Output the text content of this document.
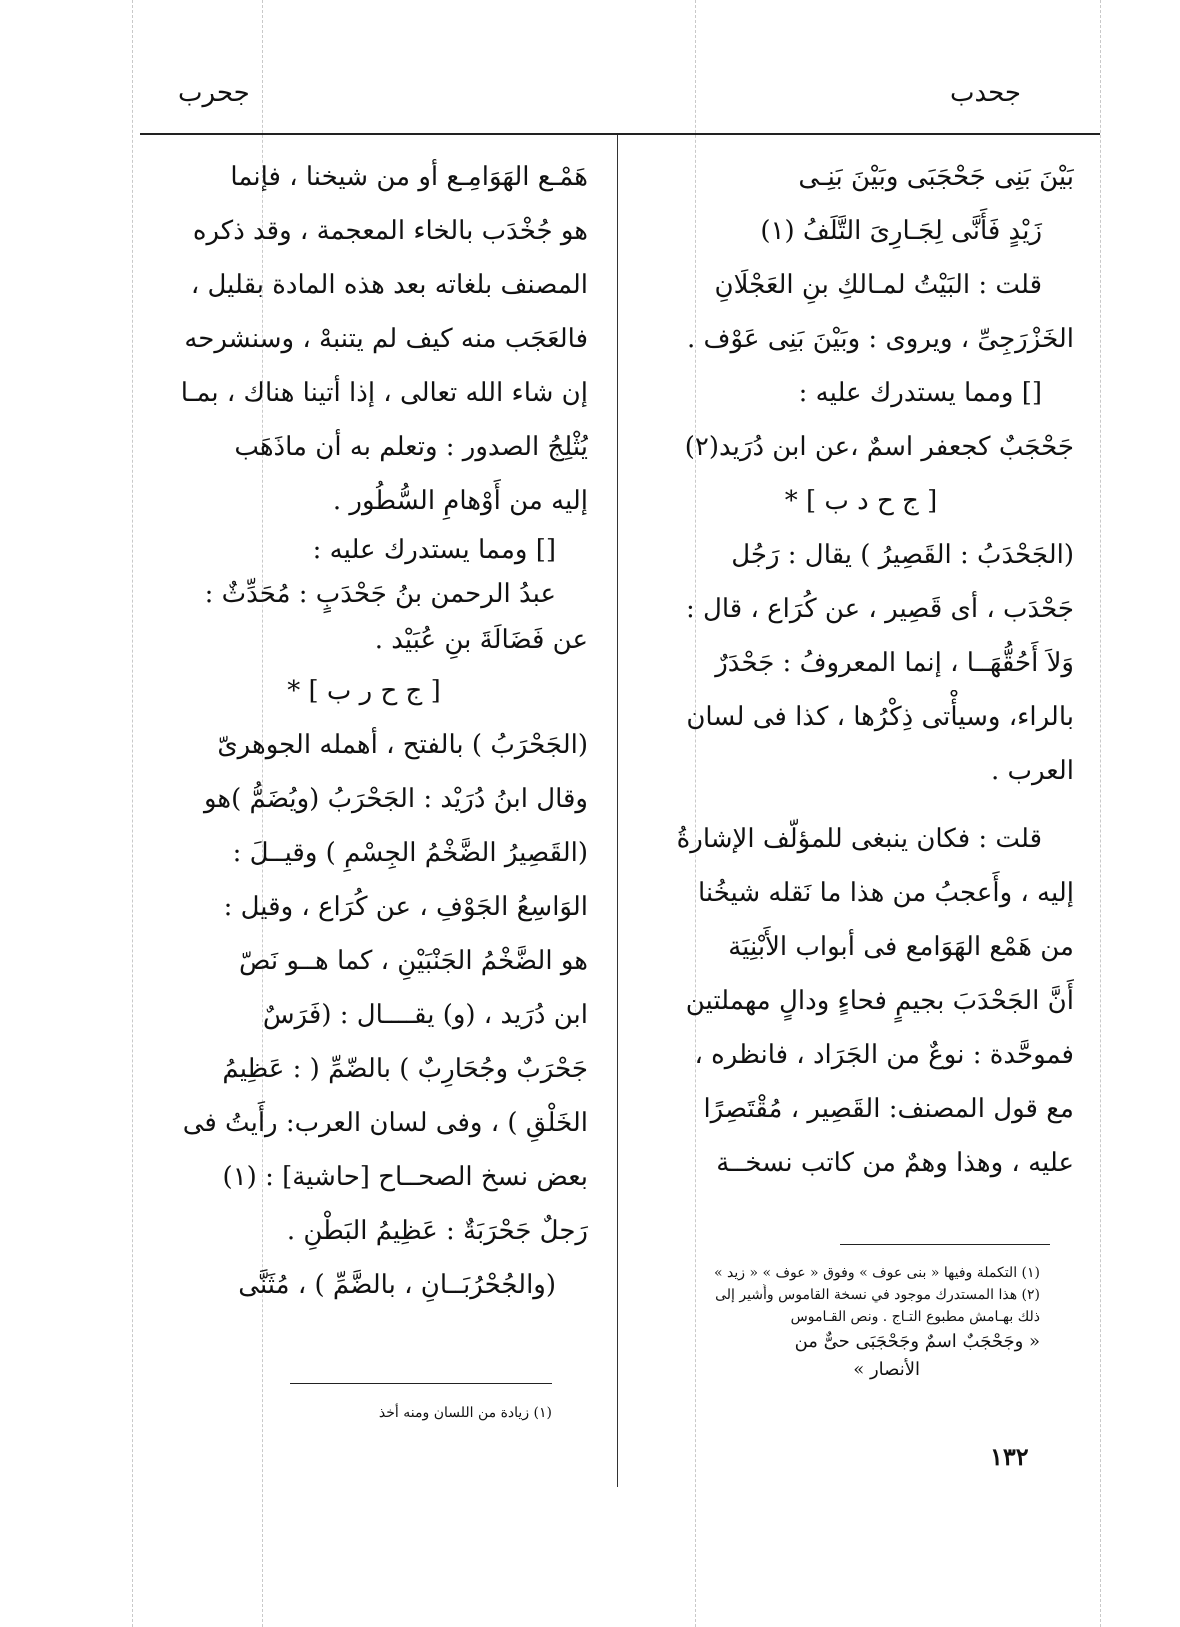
جحدب
جحرب
بَيْنَ بَنِى جَحْجَبَى وبَيْنَ بَنِـى
زَيْدٍ فَأَنَّى لِجَـارِىَ التَّلَفُ (١)
قلت : البَيْتُ لمـالكِ بنِ العَجْلَانِ
الخَزْرَجِىِّ ، ويروى : وبَيْنَ بَنِى عَوْف .
[] ومما يستدرك عليه :
جَحْجَبٌ كجعفر اسمٌ ،عن ابن دُرَيد(٢)
[ ج ح د ب ] *
(الجَحْدَبُ : القَصِيرُ ) يقال : رَجُل
جَحْدَب ، أى قَصِير ، عن كُرَاع ، قال :
وَلاَ أَحُقُّهَــا ، إنما المعروفُ : جَحْدَرٌ
بالراء، وسيأْتى ذِكْرُها ، كذا فى لسان
العرب .
قلت : فكان ينبغى للمؤلّف الإشارةُ
إليه ، وأَعجبُ من هذا ما نَقله شيخُنا
من هَمْع الهَوَامع فى أبواب الأَبْنِيَة
أَنَّ الجَحْدَبَ بجيمٍ فحاءٍ ودالٍ مهملتين
فموحَّدة : نوعٌ من الجَرَاد ، فانظره ،
مع قول المصنف: القَصِير ، مُقْتَصِرًا
عليه ، وهذا وهمٌ من كاتب نسخــة
(١) التكملة وفيها « بنى عوف » وفوق « عوف » « زيد »
(٢) هذا المستدرك موجود في نسخة القاموس وأُشير إلى
ذلك بهـامش مطبوع التـاج . ونص القـاموس
« وجَحْجَبٌ اسمٌ وجَحْجَبَى حىٌّ من
الأنصار »
١٣٢
هَمْـع الهَوَامِـع أو من شيخنا ، فإنما
هو جُخْدَب بالخاء المعجمة ، وقد ذكره
المصنف بلغاته بعد هذه المادة بقليل ،
فالعَجَب منه كيف لم يتنبهْ ، وسنشرحه
إن شاء الله تعالى ، إذا أتينا هناك ، بمـا
يُثْلِجُ الصدور : وتعلم به أن ماذَهَب
إليه من أَوْهامِ السُّطُور .
[] ومما يستدرك عليه :
عبدُ الرحمن بنُ جَحْدَبٍ : مُحَدِّثٌ :
عن فَضَالَةَ بنِ عُبَيْد .
[ ج ح ر ب ] *
(الجَحْرَبُ ) بالفتح ، أهمله الجوهرىّ
وقال ابنُ دُرَيْد : الجَحْرَبُ (ويُضَمُّ )هو
(القَصِيرُ الضَّخْمُ الجِسْمِ ) وقيــلَ :
الوَاسِعُ الجَوْفِ ، عن كُرَاع ، وقيل :
هو الضَّخْمُ الجَنْبَيْنِ ، كما هــو نَصّ
ابن دُرَيد ، (و) يقــــال : (فَرَسٌ
جَحْرَبٌ وجُحَارِبٌ ) بالضّمِّ ( : عَظِيمُ
الخَلْقِ ) ، وفى لسان العرب: رأَيتُ فى
بعض نسخ الصحــاح [حاشية] : (١)
رَجلٌ جَحْرَبَةٌ : عَظِيمُ البَطْنِ .
(والجُحْرُبَــانِ ، بالضَّمِّ ) ، مُثَنَّى
(١) زيادة من اللسان ومنه أخذ
